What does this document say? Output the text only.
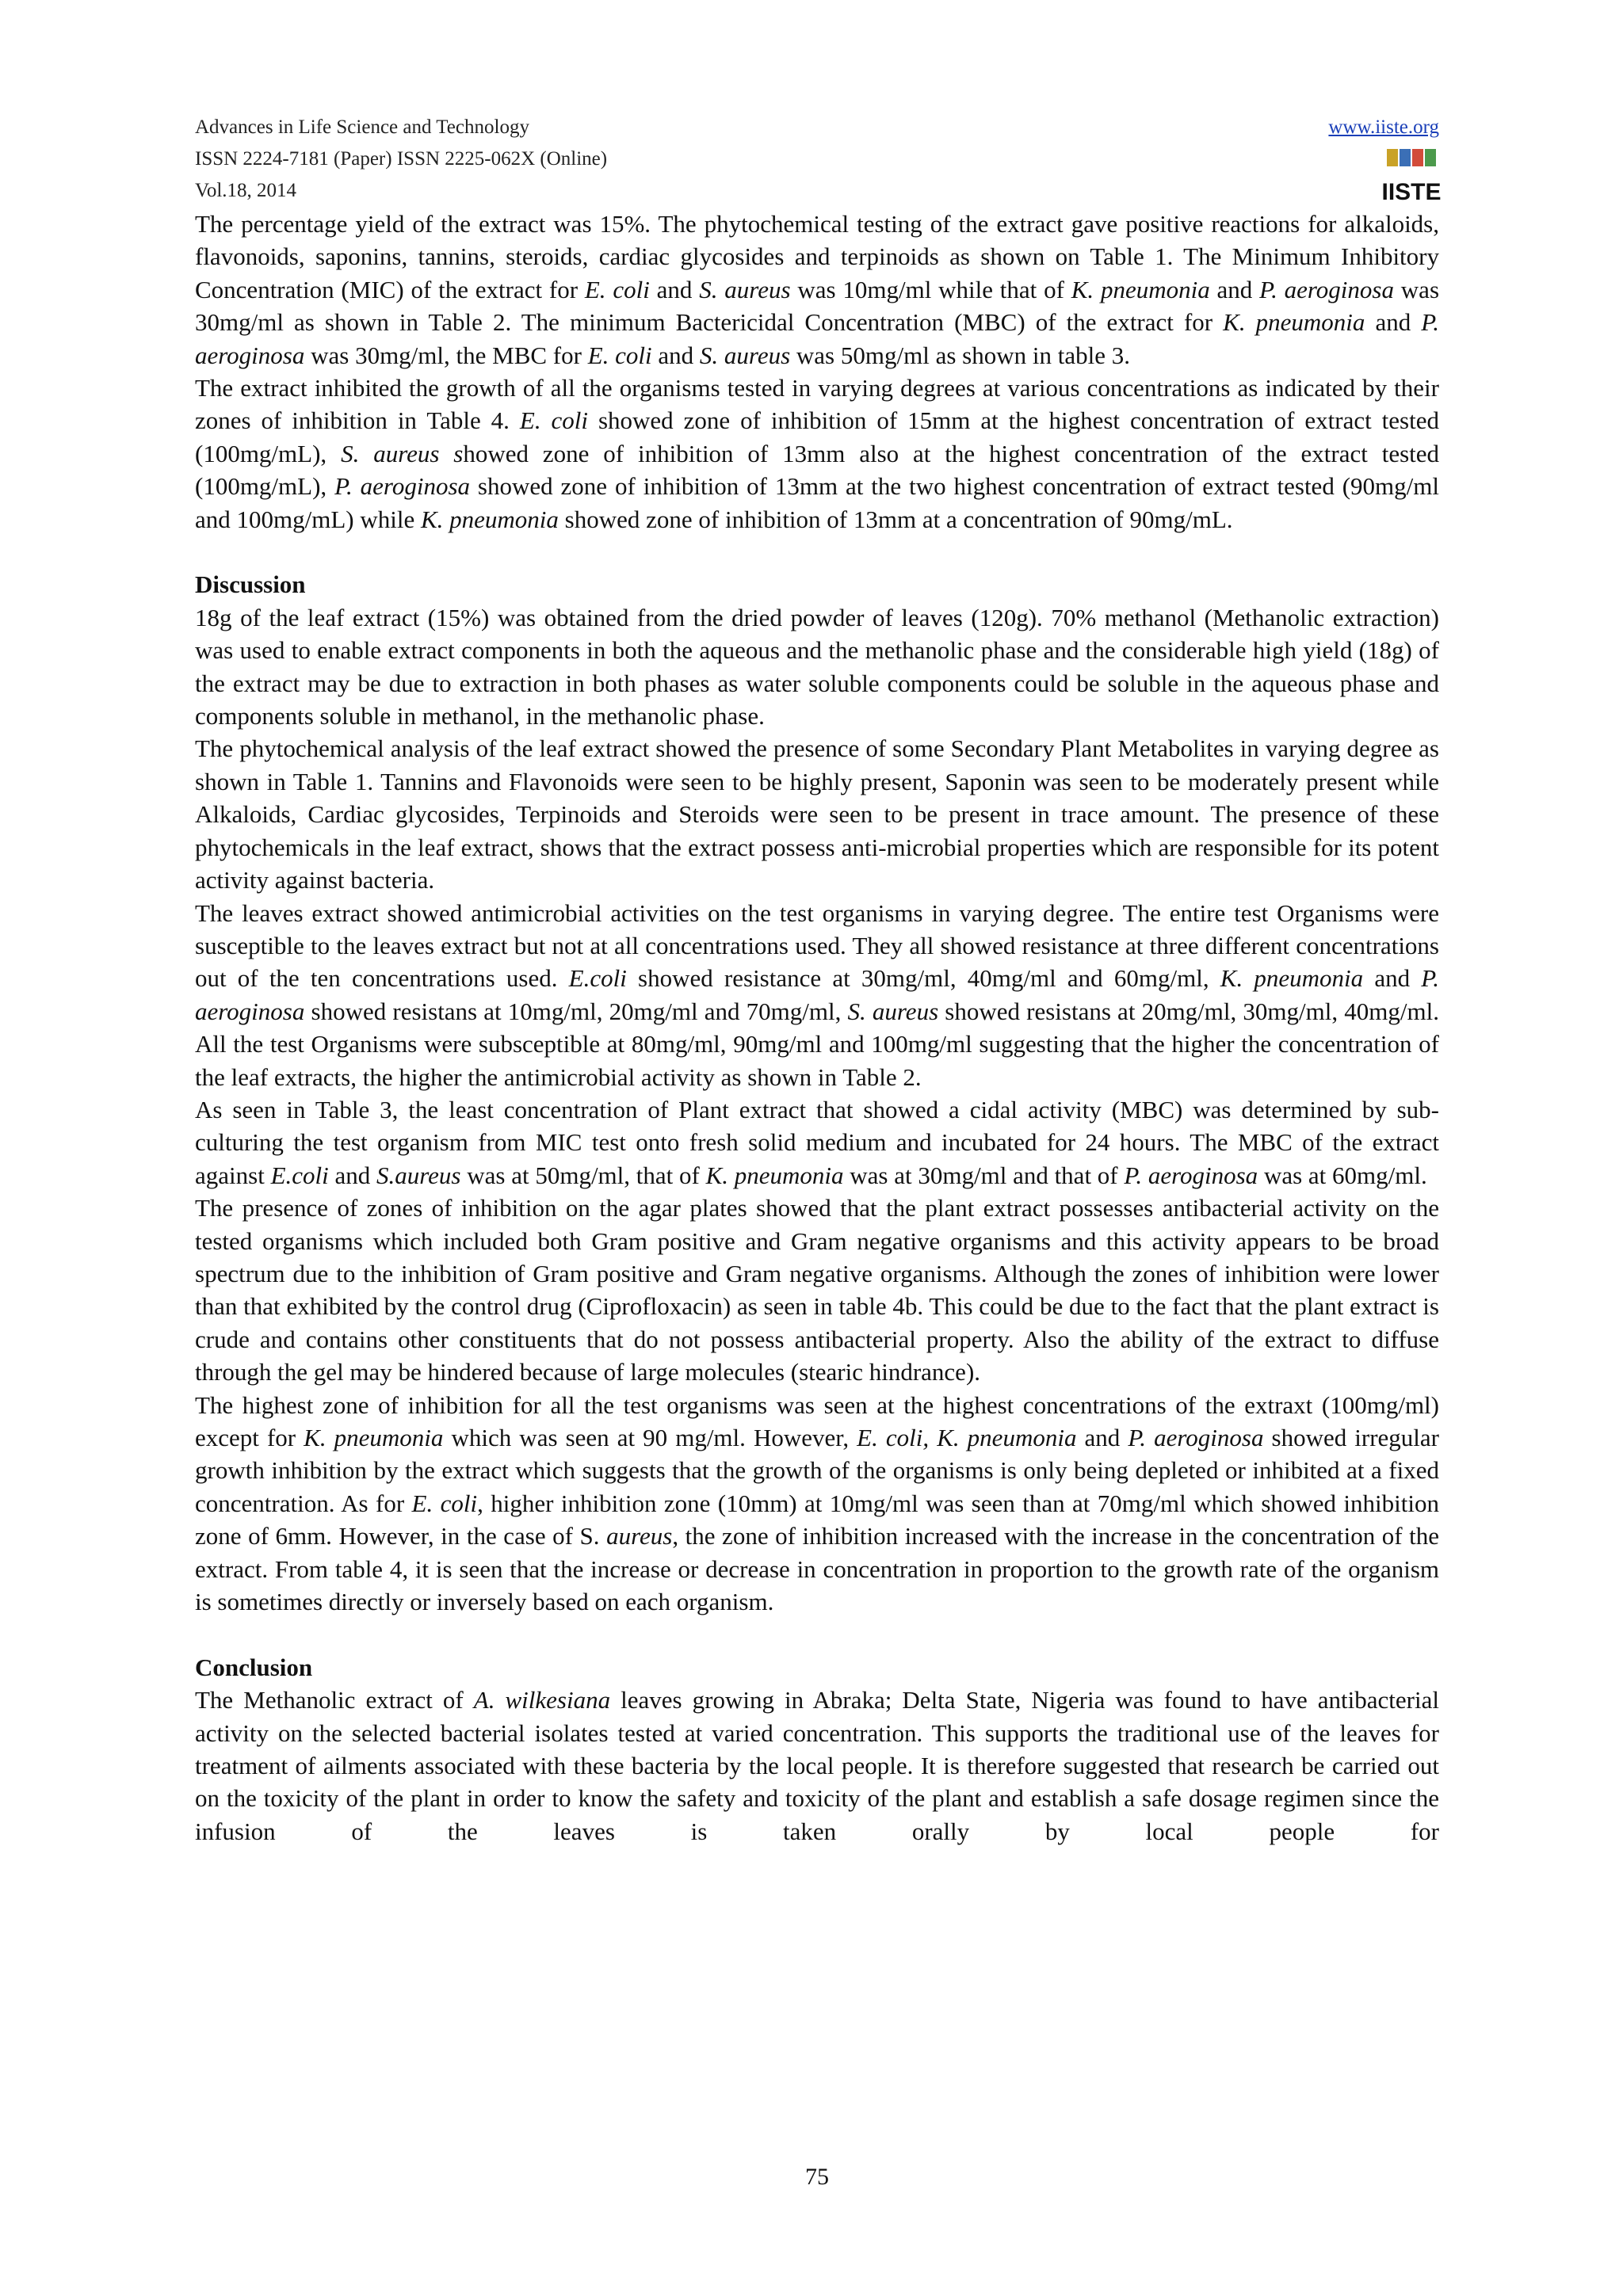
Advances in Life Science and Technology
ISSN 2224-7181 (Paper) ISSN 2225-062X (Online)
Vol.18, 2014
www.iiste.org
IISTE

The percentage yield of the extract was 15%. The phytochemical testing of the extract gave positive reactions for alkaloids, flavonoids, saponins, tannins, steroids, cardiac glycosides and terpinoids as shown on Table 1. The Minimum Inhibitory Concentration (MIC) of the extract for E. coli and S. aureus was 10mg/ml while that of K. pneumonia and P. aeroginosa was 30mg/ml as shown in Table 2. The minimum Bactericidal Concentration (MBC) of the extract for K. pneumonia and P. aeroginosa was 30mg/ml, the MBC for E. coli and S. aureus was 50mg/ml as shown in table 3.

The extract inhibited the growth of all the organisms tested in varying degrees at various concentrations as indicated by their zones of inhibition in Table 4. E. coli showed zone of inhibition of 15mm at the highest concentration of extract tested (100mg/mL), S. aureus showed zone of inhibition of 13mm also at the highest concentration of the extract tested (100mg/mL), P. aeroginosa showed zone of inhibition of 13mm at the two highest concentration of extract tested (90mg/ml and 100mg/mL) while K. pneumonia showed zone of inhibition of 13mm at a concentration of 90mg/mL.

Discussion

18g of the leaf extract (15%) was obtained from the dried powder of leaves (120g). 70% methanol (Methanolic extraction) was used to enable extract components in both the aqueous and the methanolic phase and the considerable high yield (18g) of the extract may be due to extraction in both phases as water soluble components could be soluble in the aqueous phase and components soluble in methanol, in the methanolic phase.

The phytochemical analysis of the leaf extract showed the presence of some Secondary Plant Metabolites in varying degree as shown in Table 1. Tannins and Flavonoids were seen to be highly present, Saponin was seen to be moderately present while Alkaloids, Cardiac glycosides, Terpinoids and Steroids were seen to be present in trace amount. The presence of these phytochemicals in the leaf extract, shows that the extract possess anti-microbial properties which are responsible for its potent activity against bacteria.

The leaves extract showed antimicrobial activities on the test organisms in varying degree. The entire test Organisms were susceptible to the leaves extract but not at all concentrations used. They all showed resistance at three different concentrations out of the ten concentrations used. E.coli showed resistance at 30mg/ml, 40mg/ml and 60mg/ml, K. pneumonia and P. aeroginosa showed resistans at 10mg/ml, 20mg/ml and 70mg/ml, S. aureus showed resistans at 20mg/ml, 30mg/ml, 40mg/ml. All the test Organisms were subsceptible at 80mg/ml, 90mg/ml and 100mg/ml suggesting that the higher the concentration of the leaf extracts, the higher the antimicrobial activity as shown in Table 2.

As seen in Table 3, the least concentration of Plant extract that showed a cidal activity (MBC) was determined by sub-culturing the test organism from MIC test onto fresh solid medium and incubated for 24 hours. The MBC of the extract against E.coli and S.aureus was at 50mg/ml, that of K. pneumonia was at 30mg/ml and that of P. aeroginosa was at 60mg/ml.

The presence of zones of inhibition on the agar plates showed that the plant extract possesses antibacterial activity on the tested organisms which included both Gram positive and Gram negative organisms and this activity appears to be broad spectrum due to the inhibition of Gram positive and Gram negative organisms. Although the zones of inhibition were lower than that exhibited by the control drug (Ciprofloxacin) as seen in table 4b. This could be due to the fact that the plant extract is crude and contains other constituents that do not possess antibacterial property. Also the ability of the extract to diffuse through the gel may be hindered because of large molecules (stearic hindrance).

The highest zone of inhibition for all the test organisms was seen at the highest concentrations of the extraxt (100mg/ml) except for K. pneumonia which was seen at 90 mg/ml. However, E. coli, K. pneumonia and P. aeroginosa showed irregular growth inhibition by the extract which suggests that the growth of the organisms is only being depleted or inhibited at a fixed concentration. As for E. coli, higher inhibition zone (10mm) at 10mg/ml was seen than at 70mg/ml which showed inhibition zone of 6mm. However, in the case of S. aureus, the zone of inhibition increased with the increase in the concentration of the extract. From table 4, it is seen that the increase or decrease in concentration in proportion to the growth rate of the organism is sometimes directly or inversely based on each organism.

Conclusion

The Methanolic extract of A. wilkesiana leaves growing in Abraka; Delta State, Nigeria was found to have antibacterial activity on the selected bacterial isolates tested at varied concentration. This supports the traditional use of the leaves for treatment of ailments associated with these bacteria by the local people. It is therefore suggested that research be carried out on the toxicity of the plant in order to know the safety and toxicity of the plant and establish a safe dosage regimen since the infusion of the leaves is taken orally by local people for

75
